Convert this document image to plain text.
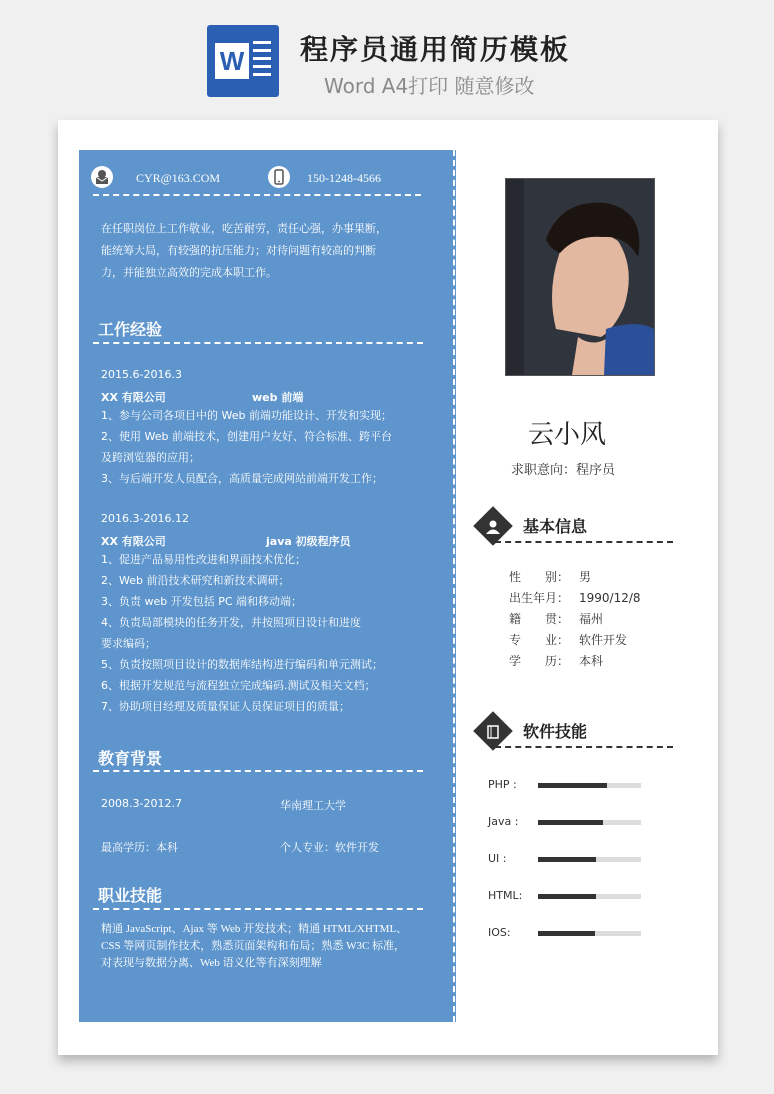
W 程序员通用简历模板
Word A4打印 随意修改
CYR@163.COM	150-1248-4566
在任职岗位上工作敬业，吃苦耐劳，责任心强，办事果断，
能统筹大局，有较强的抗压能力；对待问题有较高的判断
力，并能独立高效的完成本职工作。
工作经验
2015.6-2016.3
XX 有限公司	web 前端
1、参与公司各项目中的 Web 前端功能设计、开发和实现；
2、使用 Web 前端技术，创建用户友好、符合标准、跨平台
及跨浏览器的应用；
3、与后端开发人员配合，高质量完成网站前端开发工作；
2016.3-2016.12
XX 有限公司	java 初级程序员
1、促进产品易用性改进和界面技术优化；
2、Web 前沿技术研究和新技术调研；
3、负责 web 开发包括 PC 端和移动端；
4、负责局部模块的任务开发，并按照项目设计和进度
要求编码；
5、负责按照项目设计的数据库结构进行编码和单元测试；
6、根据开发规范与流程独立完成编码.测试及相关文档；
7、协助项目经理及质量保证人员保证项目的质量；
教育背景
2008.3-2012.7	华南理工大学
最高学历：本科	个人专业：软件开发
职业技能
精通 JavaScript、Ajax 等 Web 开发技术；精通 HTML/XHTML、
CSS 等网页制作技术，熟悉页面架构和布局；熟悉 W3C 标准，
对表现与数据分离、Web 语义化等有深刻理解
云小风
求职意向：程序员
基本信息
性　　别： 男
出生年月： 1990/12/8
籍　　贯： 福州
专　　业： 软件开发
学　　历： 本科
软件技能
PHP :
Java :
UI :
HTML:
IOS:
